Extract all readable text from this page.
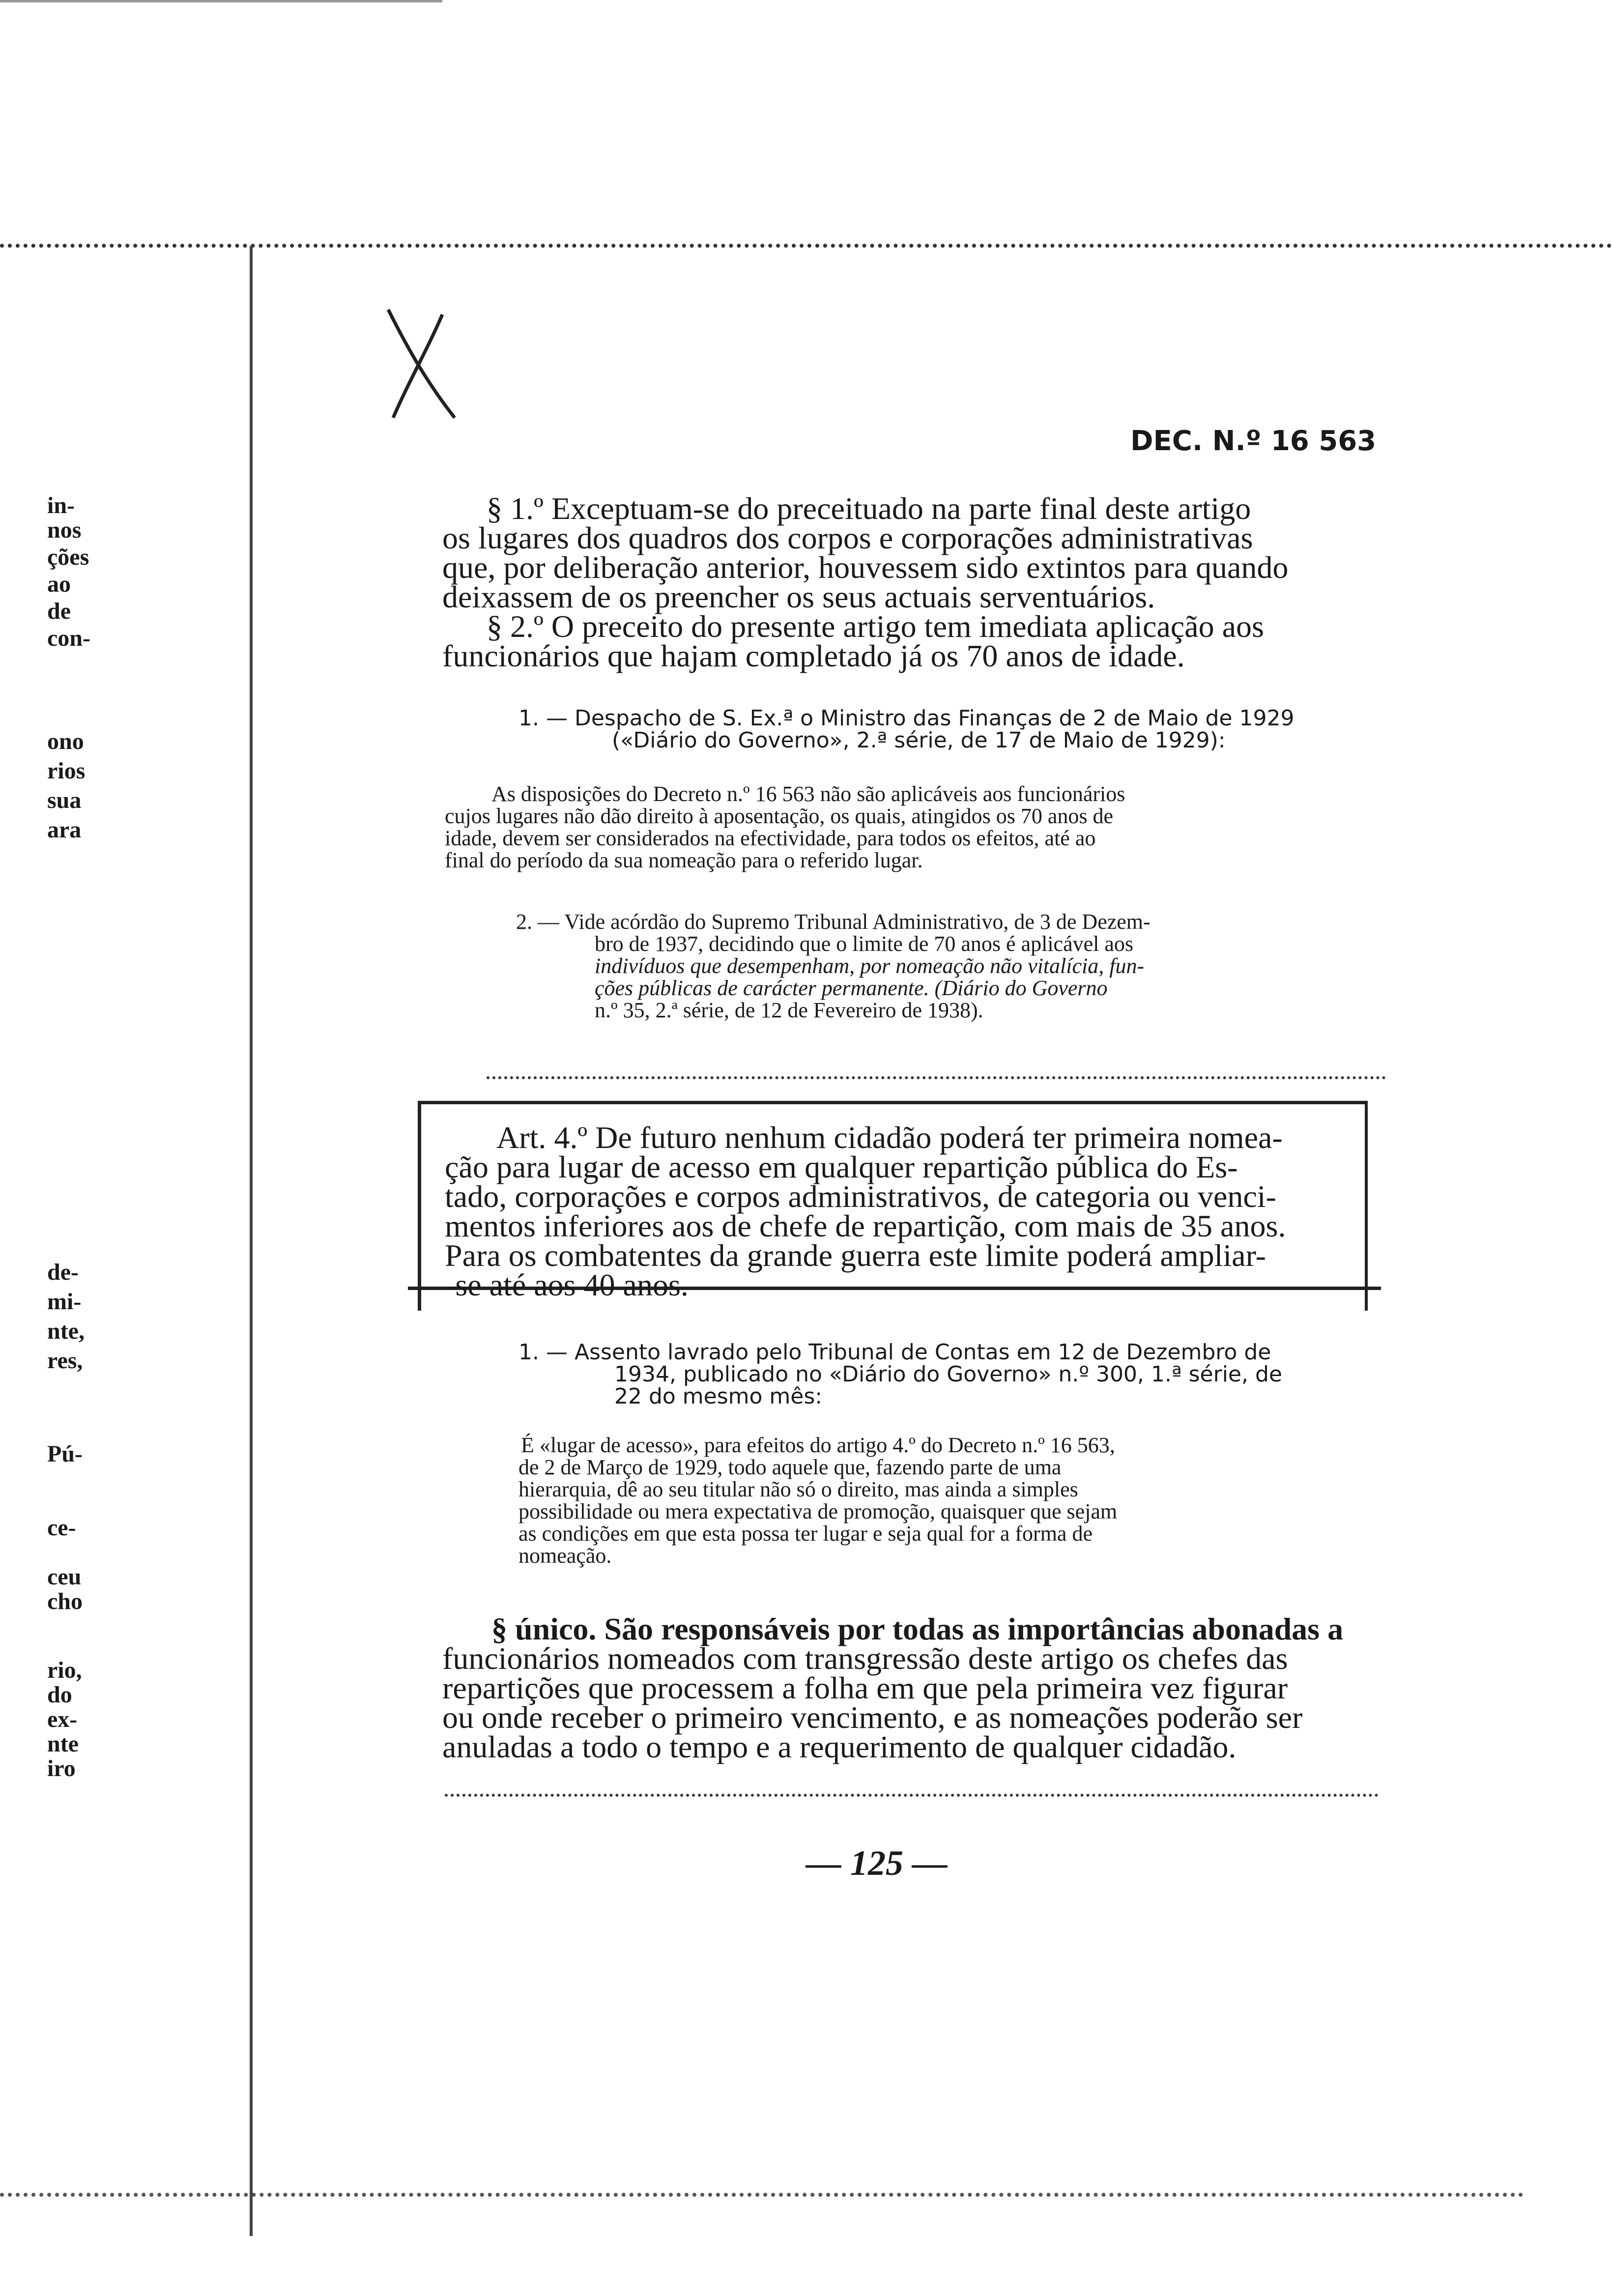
in-
nos
ções
ao
de
con-
ono
rios
sua
ara
de-
mi-
nte,
res,
Pú-
ce-
ceu
cho
rio,
do
ex-
nte
iro
DEC. N.º 16 563
§ 1.º Exceptuam-se do preceituado na parte final deste artigo
os lugares dos quadros dos corpos e corporações administrativas
que, por deliberação anterior, houvessem sido extintos para quando
deixassem de os preencher os seus actuais serventuários.
§ 2.º O preceito do presente artigo tem imediata aplicação aos
funcionários que hajam completado já os 70 anos de idade.
1. — Despacho de S. Ex.ª o Ministro das Finanças de 2 de Maio de 1929
(«Diário do Governo», 2.ª série, de 17 de Maio de 1929):
As disposições do Decreto n.º 16 563 não são aplicáveis aos funcionários
cujos lugares não dão direito à aposentação, os quais, atingidos os 70 anos de
idade, devem ser considerados na efectividade, para todos os efeitos, até ao
final do período da sua nomeação para o referido lugar.
2. — Vide acórdão do Supremo Tribunal Administrativo, de 3 de Dezem-
bro de 1937, decidindo que o limite de 70 anos é aplicável aos
indivíduos que desempenham, por nomeação não vitalícia, fun-
ções públicas de carácter permanente. (Diário do Governo
n.º 35, 2.ª série, de 12 de Fevereiro de 1938).
Art. 4.º De futuro nenhum cidadão poderá ter primeira nomea-
ção para lugar de acesso em qualquer repartição pública do Es-
tado, corporações e corpos administrativos, de categoria ou venci-
mentos inferiores aos de chefe de repartição, com mais de 35 anos.
Para os combatentes da grande guerra este limite poderá ampliar-
-se até aos 40 anos.
1. — Assento lavrado pelo Tribunal de Contas em 12 de Dezembro de
1934, publicado no «Diário do Governo» n.º 300, 1.ª série, de
22 do mesmo mês:
É «lugar de acesso», para efeitos do artigo 4.º do Decreto n.º 16 563,
de 2 de Março de 1929, todo aquele que, fazendo parte de uma
hierarquia, dê ao seu titular não só o direito, mas ainda a simples
possibilidade ou mera expectativa de promoção, quaisquer que sejam
as condições em que esta possa ter lugar e seja qual for a forma de
nomeação.
§ único. São responsáveis por todas as importâncias abonadas a
funcionários nomeados com transgressão deste artigo os chefes das
repartições que processem a folha em que pela primeira vez figurar
ou onde receber o primeiro vencimento, e as nomeações poderão ser
anuladas a todo o tempo e a requerimento de qualquer cidadão.
— 125 —
